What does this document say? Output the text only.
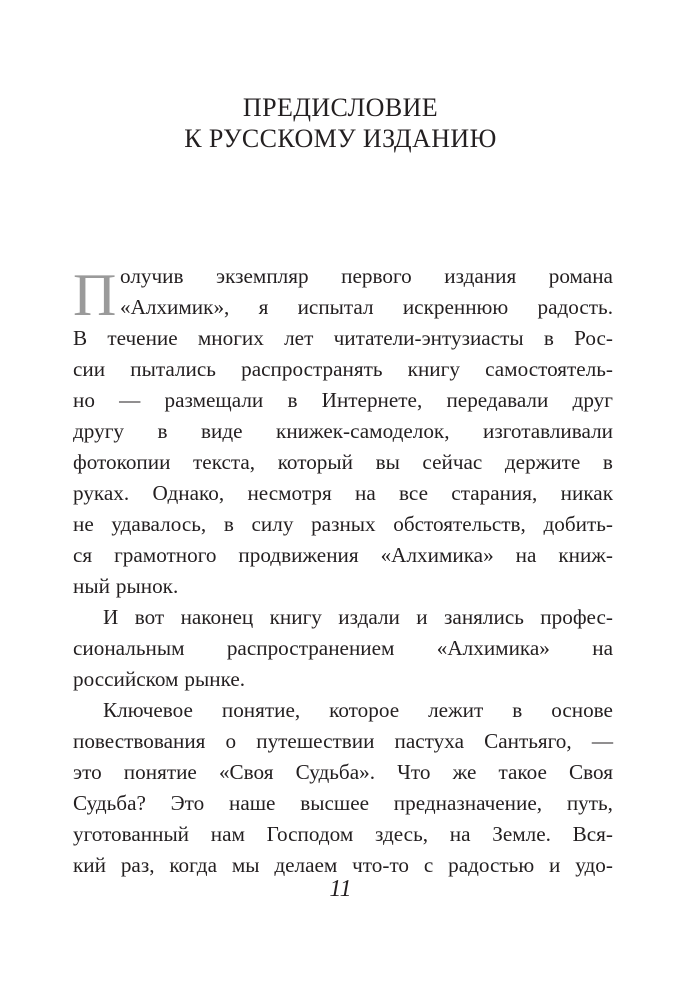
ПРЕДИСЛОВИЕ
К РУССКОМУ ИЗДАНИЮ
П олучив экземпляр первого издания романа
«Алхимик», я испытал искреннюю радость.
В течение многих лет читатели-энтузиасты в Рос-
сии пытались распространять книгу самостоятель-
но — размещали в Интернете, передавали друг
другу в виде книжек-самоделок, изготавливали
фотокопии текста, который вы сейчас держите в
руках. Однако, несмотря на все старания, никак
не удавалось, в силу разных обстоятельств, добить-
ся грамотного продвижения «Алхимика» на книж-
ный рынок.
И вот наконец книгу издали и занялись профес-
сиональным распространением «Алхимика» на
российском рынке.
Ключевое понятие, которое лежит в основе
повествования о путешествии пастуха Сантьяго, —
это понятие «Своя Судьба». Что же такое Своя
Судьба? Это наше высшее предназначение, путь,
уготованный нам Господом здесь, на Земле. Вся-
кий раз, когда мы делаем что-то с радостью и удо-
11
